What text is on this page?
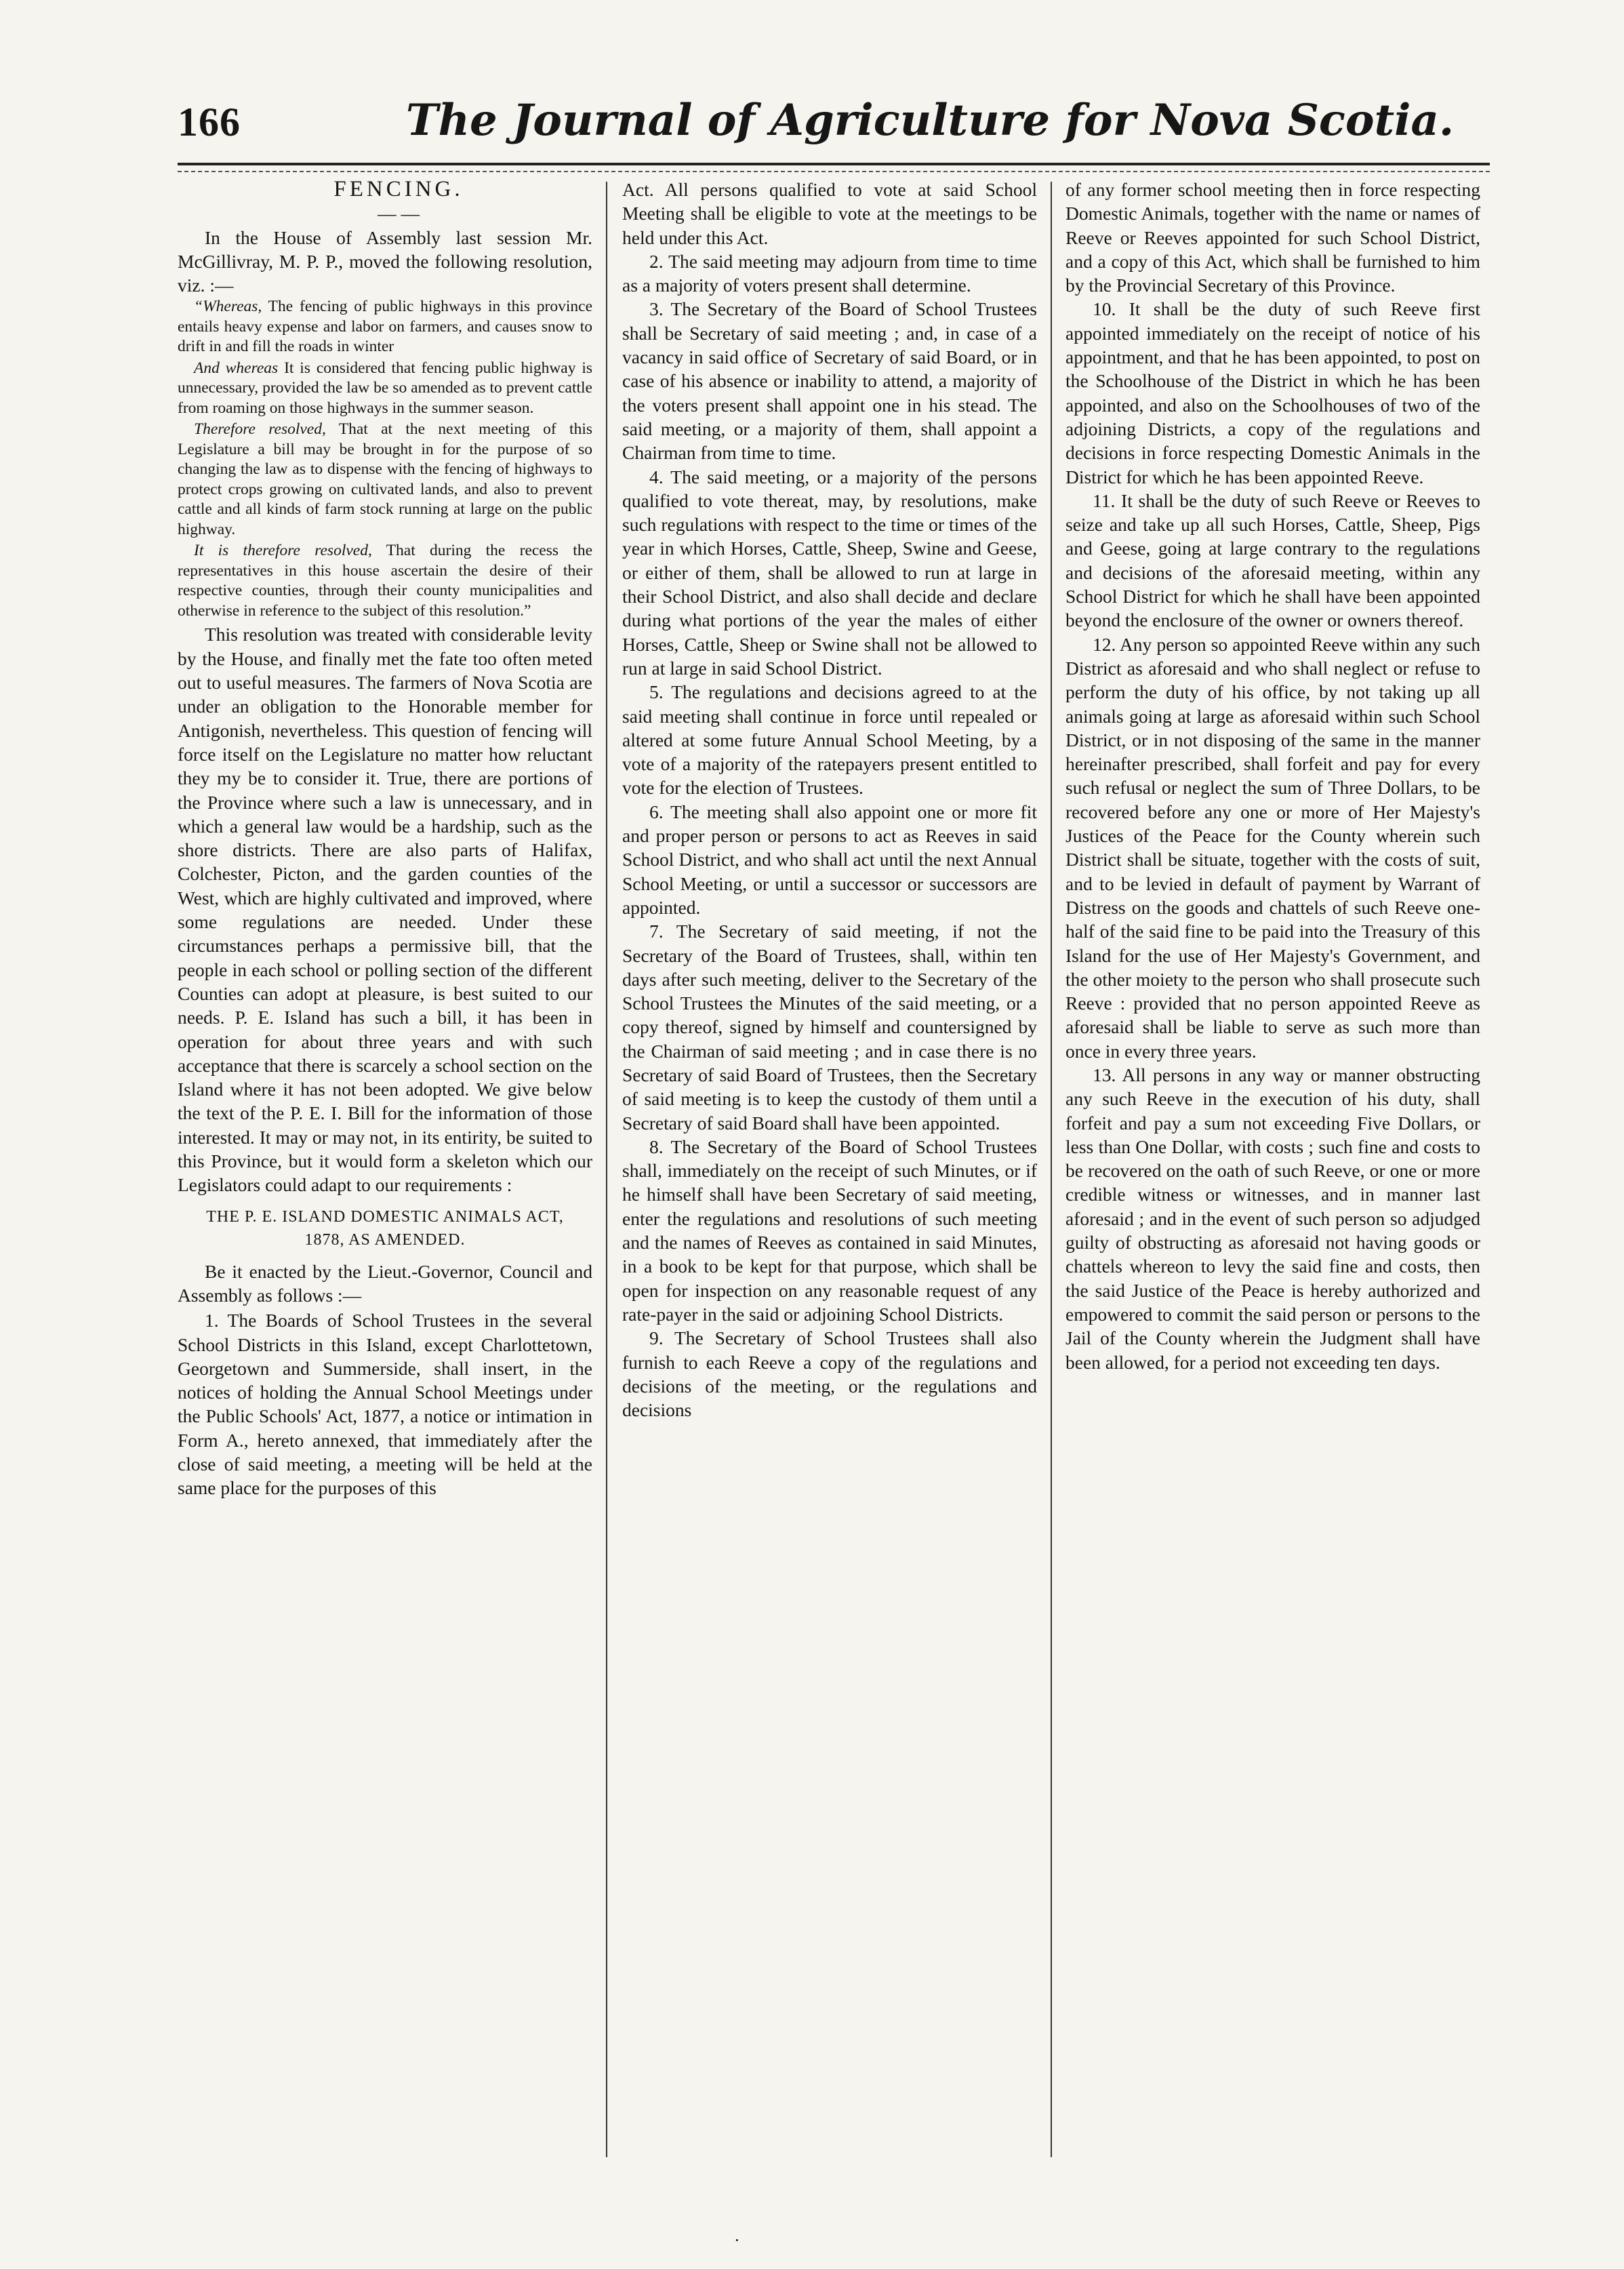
166	The Journal of Agriculture for Nova Scotia.

FENCING.

— —

In the House of Assembly last session Mr. McGillivray, M. P. P., moved the following resolution, viz. :—

“Whereas, The fencing of public highways in this province entails heavy expense and labor on farmers, and causes snow to drift in and fill the roads in winter

And whereas It is considered that fencing public highway is unnecessary, provided the law be so amended as to prevent cattle from roaming on those highways in the summer season.

Therefore resolved, That at the next meeting of this Legislature a bill may be brought in for the purpose of so changing the law as to dispense with the fencing of highways to protect crops growing on cultivated lands, and also to prevent cattle and all kinds of farm stock running at large on the public highway.

It is therefore resolved, That during the recess the representatives in this house ascertain the desire of their respective counties, through their county municipalities and otherwise in reference to the subject of this resolution.”

This resolution was treated with considerable levity by the House, and finally met the fate too often meted out to useful measures. The farmers of Nova Scotia are under an obligation to the Honorable member for Antigonish, nevertheless. This question of fencing will force itself on the Legislature no matter how reluctant they my be to consider it. True, there are portions of the Province where such a law is unnecessary, and in which a general law would be a hardship, such as the shore districts. There are also parts of Halifax, Colchester, Picton, and the garden counties of the West, which are highly cultivated and improved, where some regulations are needed. Under these circumstances perhaps a permissive bill, that the people in each school or polling section of the different Counties can adopt at pleasure, is best suited to our needs. P. E. Island has such a bill, it has been in operation for about three years and with such acceptance that there is scarcely a school section on the Island where it has not been adopted. We give below the text of the P. E. I. Bill for the information of those interested. It may or may not, in its entirity, be suited to this Province, but it would form a skeleton which our Legislators could adapt to our requirements :

THE P. E. ISLAND DOMESTIC ANIMALS ACT,
1878, AS AMENDED.

Be it enacted by the Lieut.-Governor, Council and Assembly as follows :—

1. The Boards of School Trustees in the several School Districts in this Island, except Charlottetown, Georgetown and Summerside, shall insert, in the notices of holding the Annual School Meetings under the Public Schools' Act, 1877, a notice or intimation in Form A., hereto annexed, that immediately after the close of said meeting, a meeting will be held at the same place for the purposes of this

Act. All persons qualified to vote at said School Meeting shall be eligible to vote at the meetings to be held under this Act.

2. The said meeting may adjourn from time to time as a majority of voters present shall determine.

3. The Secretary of the Board of School Trustees shall be Secretary of said meeting ; and, in case of a vacancy in said office of Secretary of said Board, or in case of his absence or inability to attend, a majority of the voters present shall appoint one in his stead. The said meeting, or a majority of them, shall appoint a Chairman from time to time.

4. The said meeting, or a majority of the persons qualified to vote thereat, may, by resolutions, make such regulations with respect to the time or times of the year in which Horses, Cattle, Sheep, Swine and Geese, or either of them, shall be allowed to run at large in their School District, and also shall decide and declare during what portions of the year the males of either Horses, Cattle, Sheep or Swine shall not be allowed to run at large in said School District.

5. The regulations and decisions agreed to at the said meeting shall continue in force until repealed or altered at some future Annual School Meeting, by a vote of a majority of the ratepayers present entitled to vote for the election of Trustees.

6. The meeting shall also appoint one or more fit and proper person or persons to act as Reeves in said School District, and who shall act until the next Annual School Meeting, or until a successor or successors are appointed.

7. The Secretary of said meeting, if not the Secretary of the Board of Trustees, shall, within ten days after such meeting, deliver to the Secretary of the School Trustees the Minutes of the said meeting, or a copy thereof, signed by himself and countersigned by the Chairman of said meeting ; and in case there is no Secretary of said Board of Trustees, then the Secretary of said meeting is to keep the custody of them until a Secretary of said Board shall have been appointed.

8. The Secretary of the Board of School Trustees shall, immediately on the receipt of such Minutes, or if he himself shall have been Secretary of said meeting, enter the regulations and resolutions of such meeting and the names of Reeves as contained in said Minutes, in a book to be kept for that purpose, which shall be open for inspection on any reasonable request of any rate-payer in the said or adjoining School Districts.

9. The Secretary of School Trustees shall also furnish to each Reeve a copy of the regulations and decisions of the meeting, or the regulations and decisions

of any former school meeting then in force respecting Domestic Animals, together with the name or names of Reeve or Reeves appointed for such School District, and a copy of this Act, which shall be furnished to him by the Provincial Secretary of this Province.

10. It shall be the duty of such Reeve first appointed immediately on the receipt of notice of his appointment, and that he has been appointed, to post on the Schoolhouse of the District in which he has been appointed, and also on the Schoolhouses of two of the adjoining Districts, a copy of the regulations and decisions in force respecting Domestic Animals in the District for which he has been appointed Reeve.

11. It shall be the duty of such Reeve or Reeves to seize and take up all such Horses, Cattle, Sheep, Pigs and Geese, going at large contrary to the regulations and decisions of the aforesaid meeting, within any School District for which he shall have been appointed beyond the enclosure of the owner or owners thereof.

12. Any person so appointed Reeve within any such District as aforesaid and who shall neglect or refuse to perform the duty of his office, by not taking up all animals going at large as aforesaid within such School District, or in not disposing of the same in the manner hereinafter prescribed, shall forfeit and pay for every such refusal or neglect the sum of Three Dollars, to be recovered before any one or more of Her Majesty's Justices of the Peace for the County wherein such District shall be situate, together with the costs of suit, and to be levied in default of payment by Warrant of Distress on the goods and chattels of such Reeve one-half of the said fine to be paid into the Treasury of this Island for the use of Her Majesty's Government, and the other moiety to the person who shall prosecute such Reeve : provided that no person appointed Reeve as aforesaid shall be liable to serve as such more than once in every three years.

13. All persons in any way or manner obstructing any such Reeve in the execution of his duty, shall forfeit and pay a sum not exceeding Five Dollars, or less than One Dollar, with costs ; such fine and costs to be recovered on the oath of such Reeve, or one or more credible witness or witnesses, and in manner last aforesaid ; and in the event of such person so adjudged guilty of obstructing as aforesaid not having goods or chattels whereon to levy the said fine and costs, then the said Justice of the Peace is hereby authorized and empowered to commit the said person or persons to the Jail of the County wherein the Judgment shall have been allowed, for a period not exceeding ten days.

·
